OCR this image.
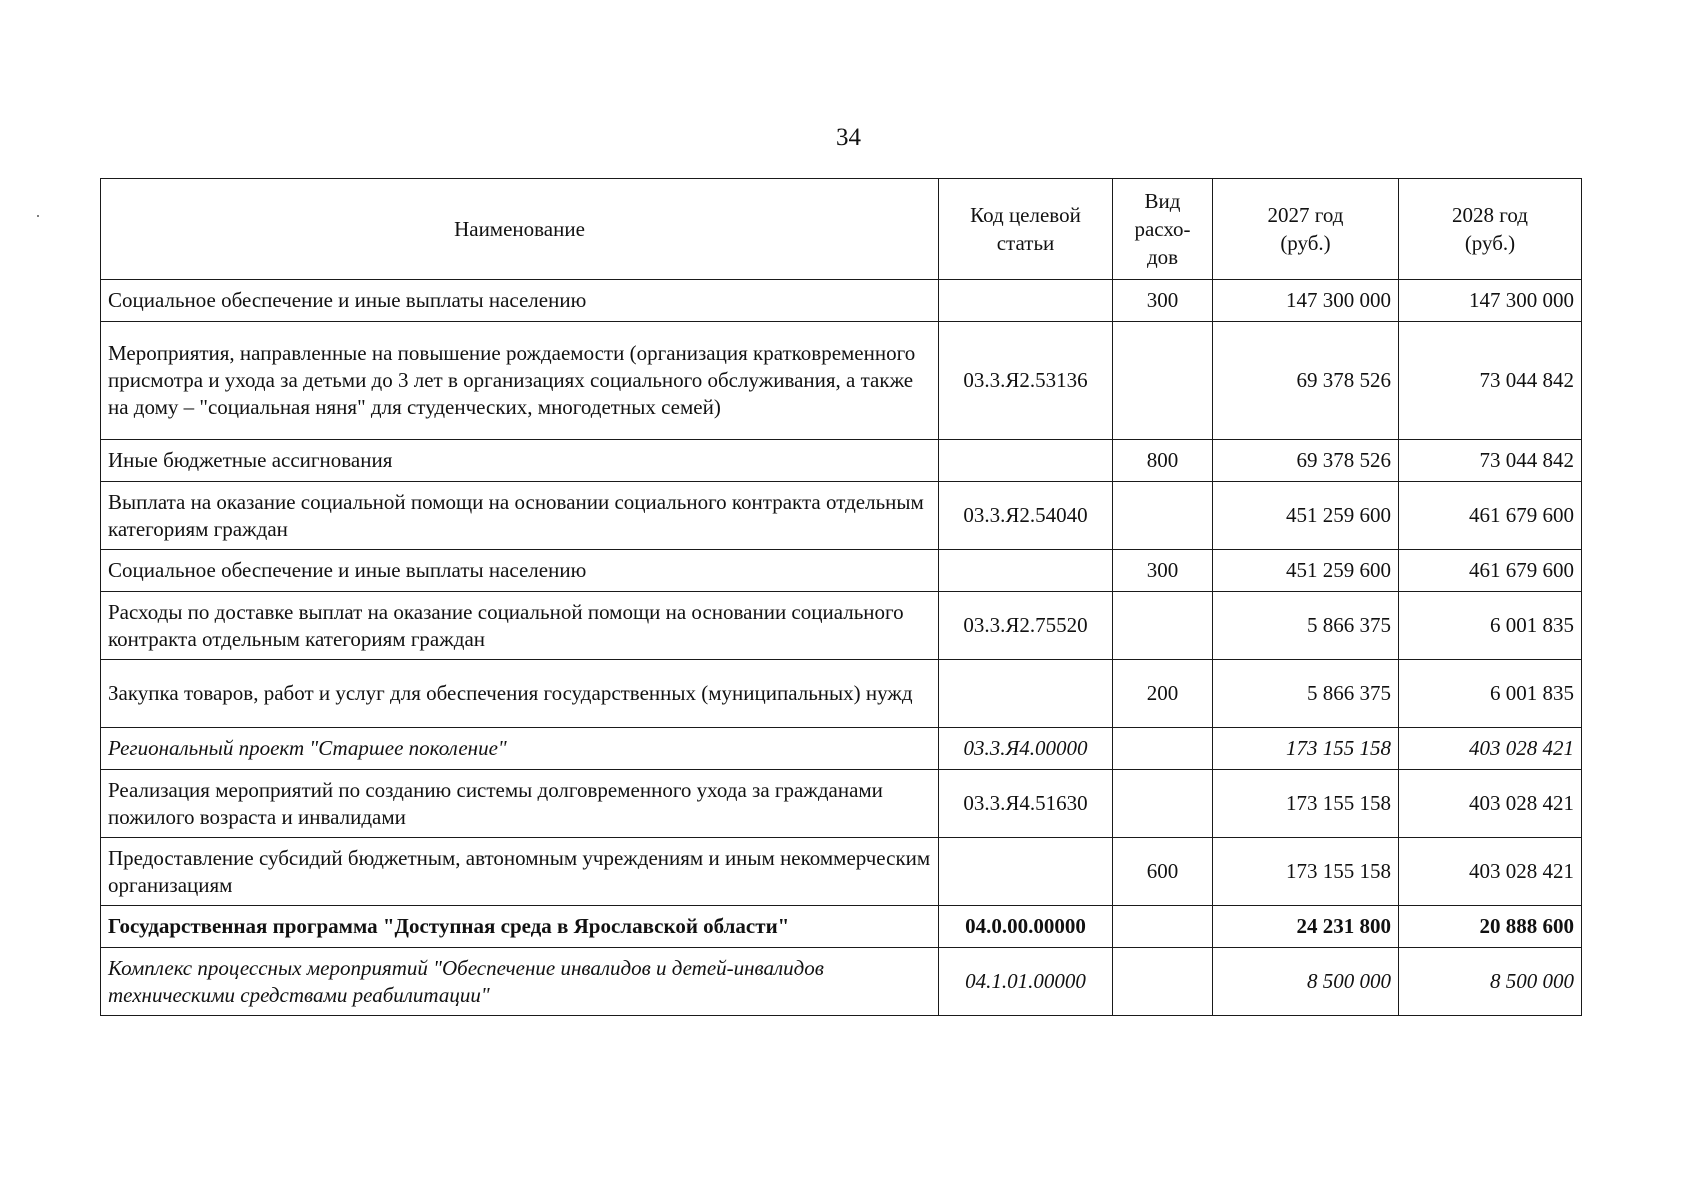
34
Наименование	Код целевой статьи	Вид расхо-дов	2027 год (руб.)	2028 год (руб.)
Социальное обеспечение и иные выплаты населению		300	147 300 000	147 300 000
Мероприятия, направленные на повышение рождаемости (организация кратковременного присмотра и ухода за детьми до 3 лет в организациях социального обслуживания, а также на дому – "социальная няня" для студенческих, многодетных семей)	03.3.Я2.53136		69 378 526	73 044 842
Иные бюджетные ассигнования		800	69 378 526	73 044 842
Выплата на оказание социальной помощи на основании социального контракта отдельным категориям граждан	03.3.Я2.54040		451 259 600	461 679 600
Социальное обеспечение и иные выплаты населению		300	451 259 600	461 679 600
Расходы по доставке выплат на оказание социальной помощи на основании социального контракта отдельным категориям граждан	03.3.Я2.75520		5 866 375	6 001 835
Закупка товаров, работ и услуг для обеспечения государственных (муниципальных) нужд		200	5 866 375	6 001 835
Региональный проект "Старшее поколение"	03.3.Я4.00000		173 155 158	403 028 421
Реализация мероприятий по созданию системы долговременного ухода за гражданами пожилого возраста и инвалидами	03.3.Я4.51630		173 155 158	403 028 421
Предоставление субсидий бюджетным, автономным учреждениям и иным некоммерческим организациям		600	173 155 158	403 028 421
Государственная программа "Доступная среда в Ярославской области"	04.0.00.00000		24 231 800	20 888 600
Комплекс процессных мероприятий "Обеспечение инвалидов и детей-инвалидов техническими средствами реабилитации"	04.1.01.00000		8 500 000	8 500 000
